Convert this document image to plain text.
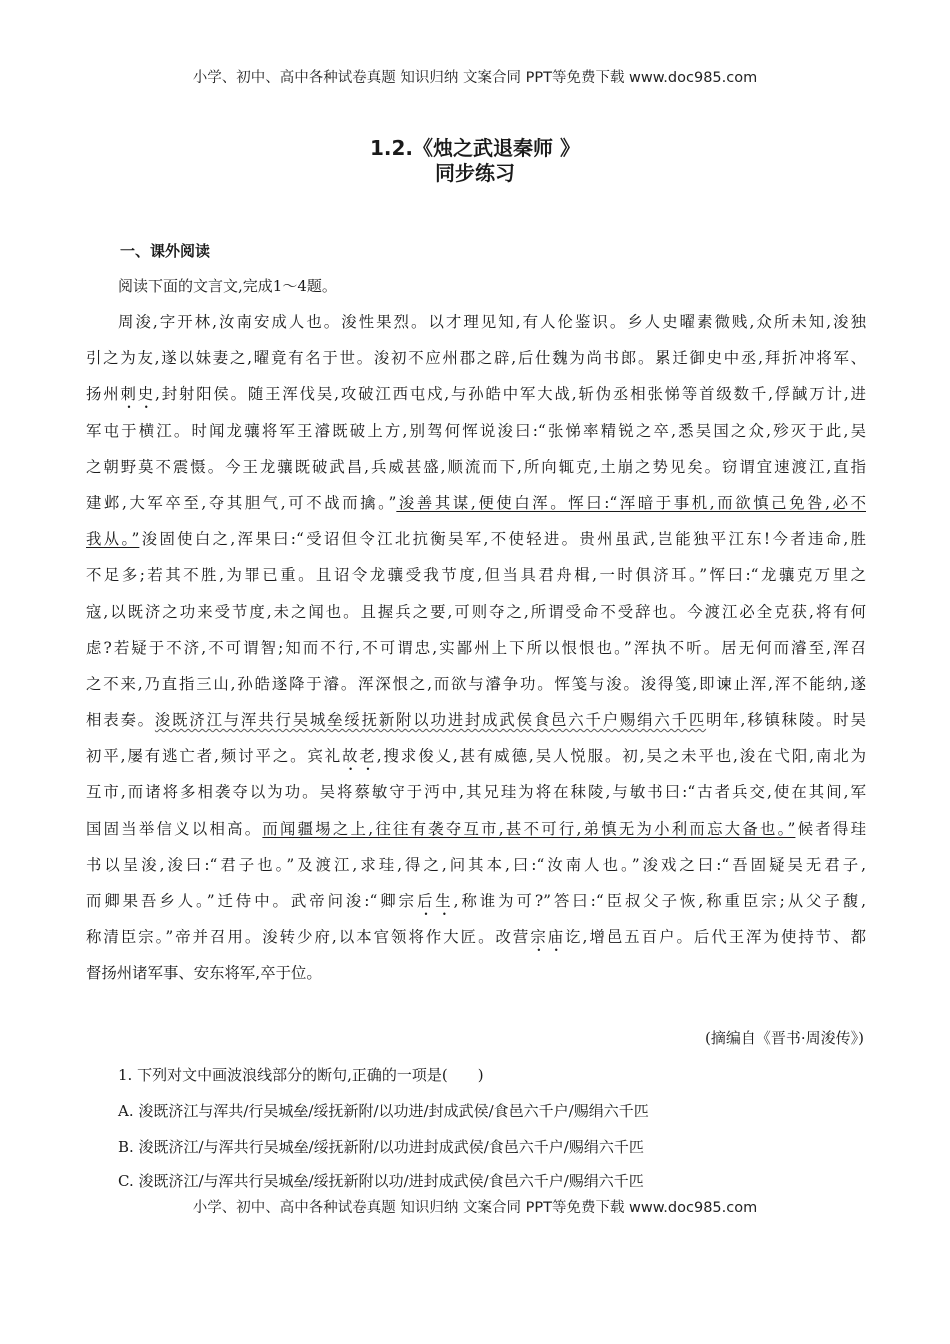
小学、初中、高中各种试卷真题 知识归纳 文案合同 PPT等免费下载 www.doc985.com
1.2.《烛之武退秦师 》
同步练习
一、课外阅读
阅读下面的文言文,完成1～4题。
周浚,字开林,汝南安成人也。浚性果烈。以才理见知,有人伦鉴识。乡人史曜素微贱,众所未知,浚独
引之为友,遂以妹妻之,曜竟有名于世。浚初不应州郡之辟,后仕魏为尚书郎。累迁御史中丞,拜折冲将军、
扬州刺史,封射阳侯。随王浑伐吴,攻破江西屯戍,与孙皓中军大战,斩伪丞相张悌等首级数千,俘馘万计,进
军屯于横江。时闻龙骧将军王濬既破上方,别驾何恽说浚曰:“张悌率精锐之卒,悉吴国之众,殄灭于此,吴
之朝野莫不震慑。今王龙骧既破武昌,兵威甚盛,顺流而下,所向辄克,土崩之势见矣。窃谓宜速渡江,直指
建邺,大军卒至,夺其胆气,可不战而擒。”浚善其谋,便使白浑。恽曰:“浑暗于事机,而欲慎己免咎,必不
我从。”浚固使白之,浑果曰:“受诏但令江北抗衡吴军,不使轻进。贵州虽武,岂能独平江东!今者违命,胜
不足多;若其不胜,为罪已重。且诏令龙骧受我节度,但当具君舟楫,一时俱济耳。”恽曰:“龙骧克万里之
寇,以既济之功来受节度,未之闻也。且握兵之要,可则夺之,所谓受命不受辞也。今渡江必全克获,将有何
虑?若疑于不济,不可谓智;知而不行,不可谓忠,实鄙州上下所以恨恨也。”浑执不听。居无何而濬至,浑召
之不来,乃直指三山,孙皓遂降于濬。浑深恨之,而欲与濬争功。恽笺与浚。浚得笺,即谏止浑,浑不能纳,遂
相表奏。浚既济江与浑共行吴城垒绥抚新附以功进封成武侯食邑六千户赐绢六千匹明年,移镇秣陵。时吴
初平,屡有逃亡者,频讨平之。宾礼故老,搜求俊乂,甚有威德,吴人悦服。初,吴之未平也,浚在弋阳,南北为
互市,而诸将多相袭夺以为功。吴将蔡敏守于沔中,其兄珪为将在秣陵,与敏书曰:“古者兵交,使在其间,军
国固当举信义以相高。而闻疆埸之上,往往有袭夺互市,甚不可行,弟慎无为小利而忘大备也。”候者得珪
书以呈浚,浚曰:“君子也。”及渡江,求珪,得之,问其本,曰:“汝南人也。”浚戏之曰:“吾固疑吴无君子,
而卿果吾乡人。”迁侍中。武帝问浚:“卿宗后生,称谁为可?”答曰:“臣叔父子恢,称重臣宗;从父子馥,
称清臣宗。”帝并召用。浚转少府,以本官领将作大匠。改营宗庙讫,增邑五百户。后代王浑为使持节、都
督扬州诸军事、安东将军,卒于位。
(摘编自《晋书·周浚传》)
1. 下列对文中画波浪线部分的断句,正确的一项是(　　)
A. 浚既济江与浑共/行吴城垒/绥抚新附/以功进/封成武侯/食邑六千户/赐绢六千匹
B. 浚既济江/与浑共行吴城垒/绥抚新附/以功进封成武侯/食邑六千户/赐绢六千匹
C. 浚既济江/与浑共行吴城垒/绥抚新附以功/进封成武侯/食邑六千户/赐绢六千匹
小学、初中、高中各种试卷真题 知识归纳 文案合同 PPT等免费下载 www.doc985.com
